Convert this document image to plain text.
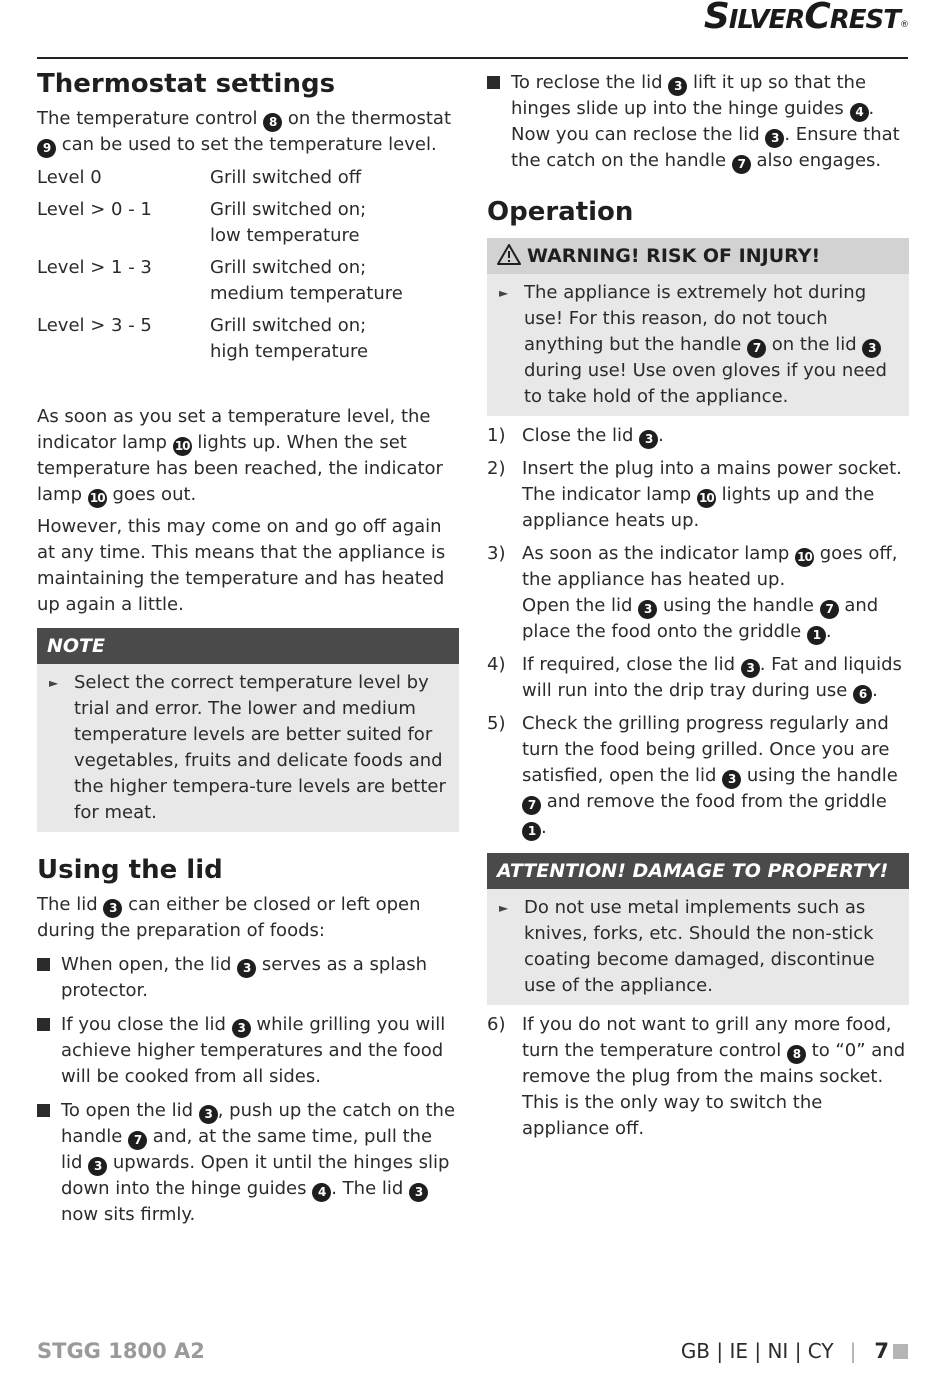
SILVERCREST®
Thermostat settings

The temperature control 8 on the thermostat 9 can be used to set the temperature level.

Level 0	Grill switched off

Level > 0 - 1	Grill switched on;
low temperature

Level > 1 - 3	Grill switched on;
medium temperature

Level > 3 - 5	Grill switched on;
high temperature

As soon as you set a temperature level, the indicator lamp 10 lights up. When the set temperature has been reached, the indicator lamp 10 goes out.

However, this may come on and go off again at any time. This means that the appliance is maintaining the temperature and has heated up again a little.

NOTE
► Select the correct temperature level by trial and error. The lower and medium temperature levels are better suited for vegetables, fruits and delicate foods and the higher tempera-ture levels are better for meat.
Using the lid

The lid 3 can either be closed or left open during the preparation of foods:

When open, the lid 3 serves as a splash protector.
If you close the lid 3 while grilling you will achieve higher temperatures and the food will be cooked from all sides.
To open the lid 3 , push up the catch on the handle 7 and, at the same time, pull the lid 3 upwards. Open it until the hinges slip down into the hinge guides 4 . The lid 3 now sits firmly.
To reclose the lid 3 lift it up so that the hinges slide up into the hinge guides 4 . Now you can reclose the lid 3 . Ensure that the catch on the handle 7 also engages.
Operation
WARNING! RISK OF INJURY!
► The appliance is extremely hot during use! For this reason, do not touch anything but the handle 7 on the lid 3 during use! Use oven gloves if you need to take hold of the appliance.
1) Close the lid 3 .
2) Insert the plug into a mains power socket. The indicator lamp 10 lights up and the appliance heats up.
3) As soon as the indicator lamp 10 goes off, the appliance has heated up.
Open the lid 3 using the handle 7 and place the food onto the griddle 1 .
4) If required, close the lid 3 . Fat and liquids will run into the drip tray during use 6 .
5) Check the grilling progress regularly and turn the food being grilled. Once you are satisfied, open the lid 3 using the handle 7 and remove the food from the griddle 1 .
ATTENTION! DAMAGE TO PROPERTY!
► Do not use metal implements such as knives, forks, etc. Should the non-stick coating become damaged, discontinue use of the appliance.
6) If you do not want to grill any more food, turn the temperature control 8 to “0” and remove the plug from the mains socket. This is the only way to switch the appliance off.
STGG 1800 A2	GB | IE | NI | CY | 7
